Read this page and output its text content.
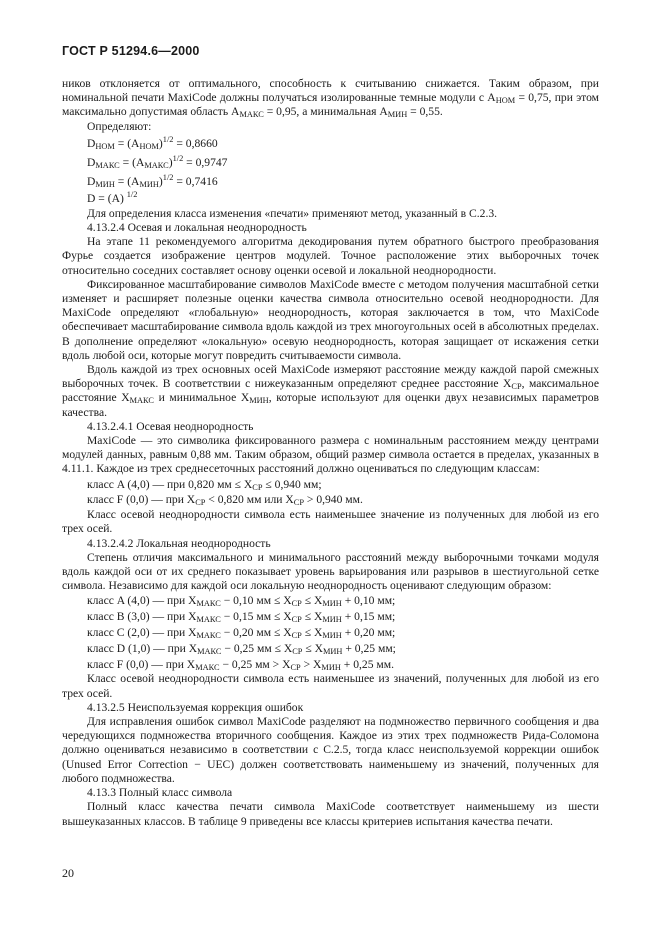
ГОСТ Р 51294.6—2000

ников отклоняется от оптимального, способность к считыванию снижается. Таким образом, при номинальной печати MaxiCode должны получаться изолированные темные модули с $A_{НОМ} = 0,75$, при этом максимально допустимая область $A_{МАКС} = 0,95$, а минимальная $A_{МИН} = 0,55$.

Определяют:

$D_{НОМ} = (A_{НОМ})^{1/2} = 0,8660$

$D_{МАКС} = (A_{МАКС})^{1/2} = 0,9747$

$D_{МИН} = (A_{МИН})^{1/2} = 0,7416$

D = (A) $^{1/2}$

Для определения класса изменения «печати» применяют метод, указанный в С.2.3.

4.13.2.4 Осевая и локальная неоднородность

На этапе 11 рекомендуемого алгоритма декодирования путем обратного быстрого преобразования Фурье создается изображение центров модулей. Точное расположение этих выборочных точек относительно соседних составляет основу оценки осевой и локальной неоднородности.

Фиксированное масштабирование символов MaxiCode вместе с методом получения масштабной сетки изменяет и расширяет полезные оценки качества символа относительно осевой неоднородности. Для MaxiCode определяют «глобальную» неоднородность, которая заключается в том, что MaxiCode обеспечивает масштабирование символа вдоль каждой из трех многоугольных осей в абсолютных пределах. В дополнение определяют «локальную» осевую неоднородность, которая защищает от искажения сетки вдоль любой оси, которые могут повредить считываемости символа.

Вдоль каждой из трех основных осей MaxiCode измеряют расстояние между каждой парой смежных выборочных точек. В соответствии с нижеуказанным определяют среднее расстояние $X_{СР}$, максимальное расстояние $X_{МАКС}$ и минимальное $X_{МИН}$, которые используют для оценки двух независимых параметров качества.

4.13.2.4.1 Осевая неоднородность

MaxiCode — это символика фиксированного размера с номинальным расстоянием между центрами модулей данных, равным 0,88 мм. Таким образом, общий размер символа остается в пределах, указанных в 4.11.1. Каждое из трех среднесеточных расстояний должно оцениваться по следующим классам:

класс A (4,0) — при 0,820 мм ≤ $X_{СР} \le 0,940$ мм;

класс F (0,0) — при $X_{СР} < 0,820$ мм или $X_{СР} > 0,940$ мм.

Класс осевой неоднородности символа есть наименьшее значение из полученных для любой из его трех осей.

4.13.2.4.2 Локальная неоднородность

Степень отличия максимального и минимального расстояний между выборочными точками модуля вдоль каждой оси от их среднего показывает уровень варьирования или разрывов в шестиугольной сетке символа. Независимо для каждой оси локальную неоднородность оценивают следующим образом:

класс A (4,0) — при $X_{МАКС} - 0,10$ мм ≤ $X_{СР} \le X_{МИН} + 0,10$ мм;

класс B (3,0) — при $X_{МАКС} - 0,15$ мм ≤ $X_{СР} \le X_{МИН} + 0,15$ мм;

класс C (2,0) — при $X_{МАКС} - 0,20$ мм ≤ $X_{СР} \le X_{МИН} + 0,20$ мм;

класс D (1,0) — при $X_{МАКС} - 0,25$ мм ≤ $X_{СР} \le X_{МИН} + 0,25$ мм;

класс F (0,0) — при $X_{МАКС} - 0,25$ мм > $X_{СР} > X_{МИН} + 0,25$ мм.

Класс осевой неоднородности символа есть наименьшее из значений, полученных для любой из его трех осей.

4.13.2.5 Неиспользуемая коррекция ошибок

Для исправления ошибок символ MaxiCode разделяют на подмножество первичного сообщения и два чередующихся подмножества вторичного сообщения. Каждое из этих трех подмножеств Рида-Соломона должно оцениваться независимо в соответствии с С.2.5, тогда класс неиспользуемой коррекции ошибок (Unused Error Correction − UEC) должен соответствовать наименьшему из значений, полученных для любого подмножества.

4.13.3 Полный класс символа

Полный класс качества печати символа MaxiCode соответствует наименьшему из шести вышеуказанных классов. В таблице 9 приведены все классы критериев испытания качества печати.

20
